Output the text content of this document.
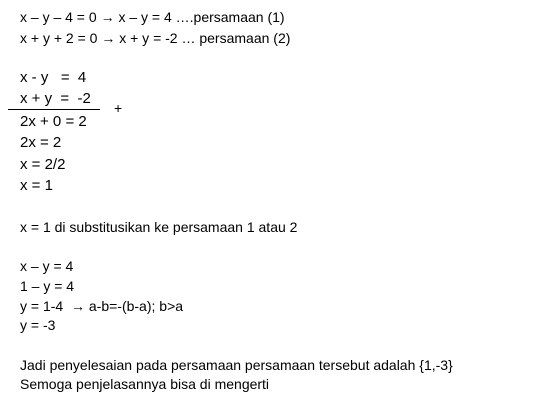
x – y – 4 = 0 → x – y = 4 ….persamaan (1)
x + y + 2 = 0 → x + y = -2 … persamaan (2)
x - y   =  4
x + y  =  -2
+
2x + 0 = 2
2x = 2
x = 2/2
x = 1
x = 1 di substitusikan ke persamaan 1 atau 2
x – y = 4
1 – y = 4
y = 1-4 → a-b=-(b-a); b>a
y = -3
Jadi penyelesaian pada persamaan persamaan tersebut adalah {1,-3}
Semoga penjelasannya bisa di mengerti
